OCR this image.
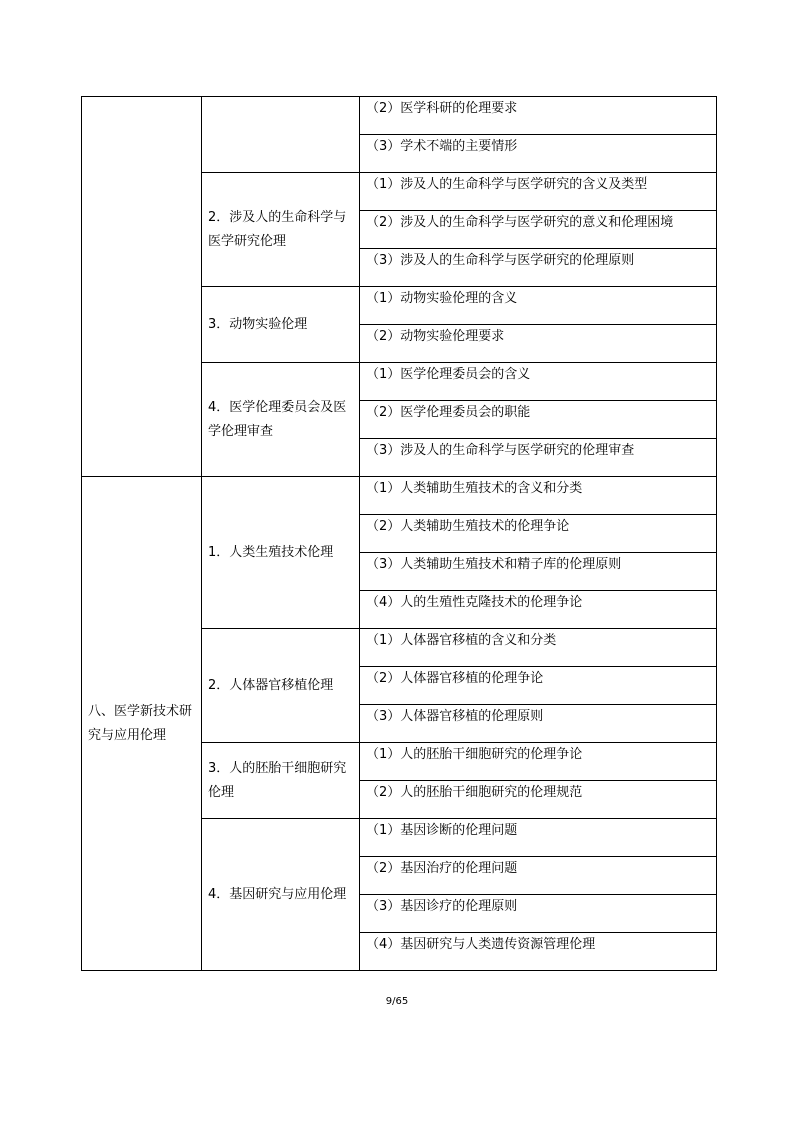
		（2）医学科研的伦理要求
		（3）学术不端的主要情形
	2．涉及人的生命科学与医学研究伦理	（1）涉及人的生命科学与医学研究的含义及类型
		（2）涉及人的生命科学与医学研究的意义和伦理困境
		（3）涉及人的生命科学与医学研究的伦理原则
	3．动物实验伦理	（1）动物实验伦理的含义
		（2）动物实验伦理要求
	4．医学伦理委员会及医学伦理审查	（1）医学伦理委员会的含义
		（2）医学伦理委员会的职能
		（3）涉及人的生命科学与医学研究的伦理审查
八、医学新技术研究与应用伦理	1．人类生殖技术伦理	（1）人类辅助生殖技术的含义和分类
		（2）人类辅助生殖技术的伦理争论
		（3）人类辅助生殖技术和精子库的伦理原则
		（4）人的生殖性克隆技术的伦理争论
	2．人体器官移植伦理	（1）人体器官移植的含义和分类
		（2）人体器官移植的伦理争论
		（3）人体器官移植的伦理原则
	3．人的胚胎干细胞研究伦理	（1）人的胚胎干细胞研究的伦理争论
		（2）人的胚胎干细胞研究的伦理规范
	4．基因研究与应用伦理	（1）基因诊断的伦理问题
		（2）基因治疗的伦理问题
		（3）基因诊疗的伦理原则
		（4）基因研究与人类遗传资源管理伦理
9/65
